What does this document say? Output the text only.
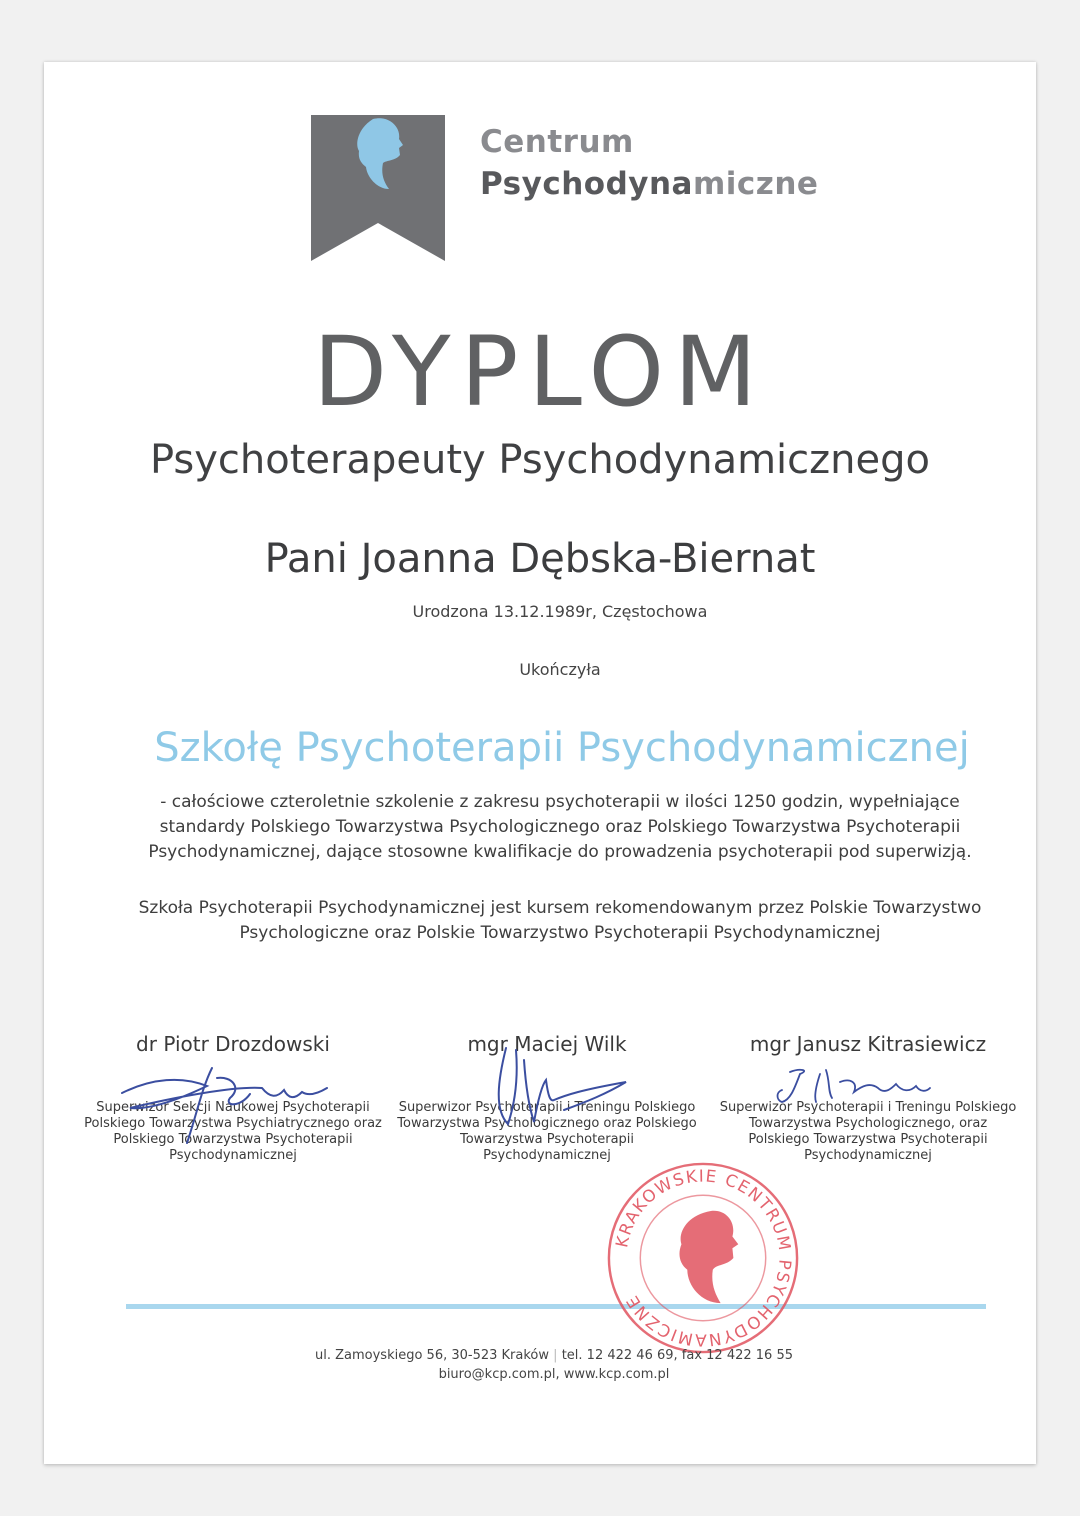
Centrum
Psychodynamiczne
DYPLOM
Psychoterapeuty Psychodynamicznego
Pani Joanna Dębska-Biernat
Urodzona 13.12.1989r, Częstochowa
Ukończyła
Szkołę Psychoterapii Psychodynamicznej
- całościowe czteroletnie szkolenie z zakresu psychoterapii w ilości 1250 godzin, wypełniające standardy Polskiego Towarzystwa Psychologicznego oraz Polskiego Towarzystwa Psychoterapii Psychodynamicznej, dające stosowne kwalifikacje do prowadzenia psychoterapii pod superwizją.
Szkoła Psychoterapii Psychodynamicznej jest kursem rekomendowanym przez Polskie Towarzystwo Psychologiczne oraz Polskie Towarzystwo Psychoterapii Psychodynamicznej
dr Piotr Drozdowski
Superwizor Sekcji Naukowej Psychoterapii Polskiego Towarzystwa Psychiatrycznego oraz Polskiego Towarzystwa Psychoterapii Psychodynamicznej
mgr Maciej Wilk
Superwizor Psychoterapii i Treningu Polskiego Towarzystwa Psychologicznego oraz Polskiego Towarzystwa Psychoterapii Psychodynamicznej
mgr Janusz Kitrasiewicz
Superwizor Psychoterapii i Treningu Polskiego Towarzystwa Psychologicznego, oraz Polskiego Towarzystwa Psychoterapii Psychodynamicznej
KRAKOWSKIE CENTRUM PSYCHODYNAMICZNE
ul. Zamoyskiego 56, 30-523 Kraków | tel. 12 422 46 69, fax 12 422 16 55
biuro@kcp.com.pl, www.kcp.com.pl
